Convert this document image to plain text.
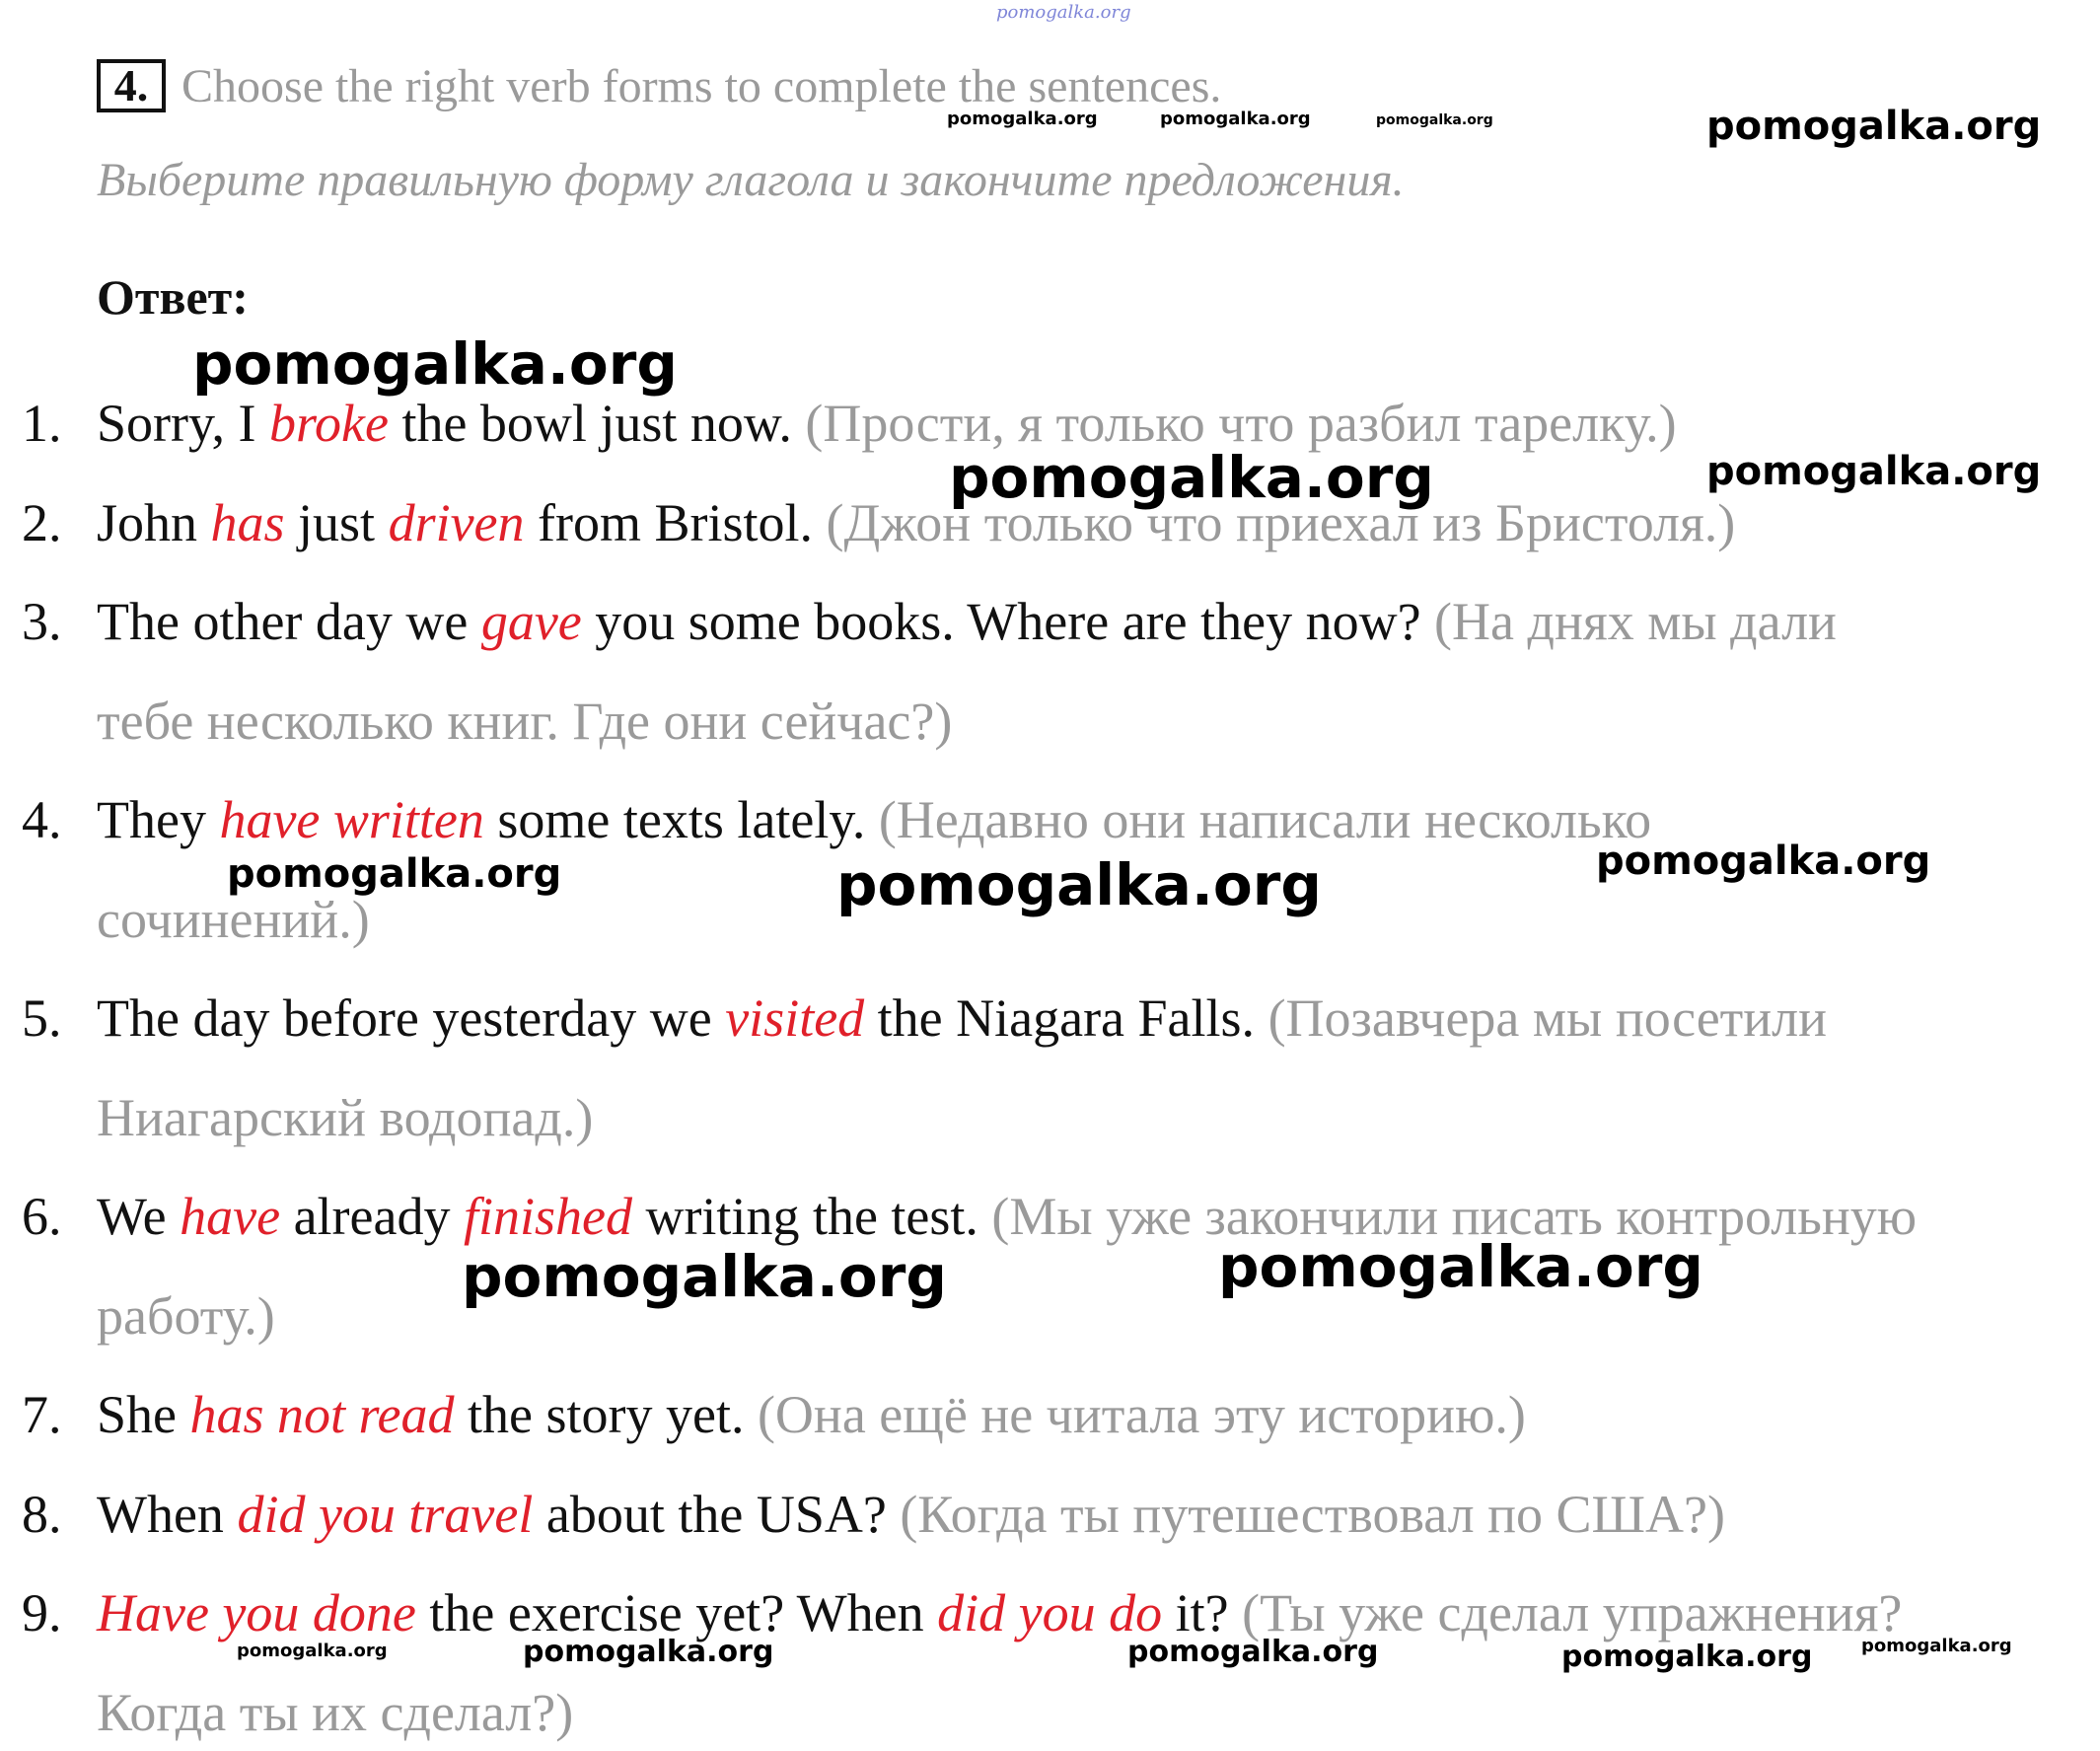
4. Choose the right verb forms to complete the sentences.
Выберите правильную форму глагола и закончите предложения.
Ответ:
1. Sorry, I broke the bowl just now. (Прости, я только что разбил тарелку.)
2. John has just driven from Bristol. (Джон только что приехал из Бристоля.)
3. The other day we gave you some books. Where are they now? (На днях мы дали
тебе несколько книг. Где они сейчас?)
4. They have written some texts lately. (Недавно они написали несколько
сочинений.)
5. The day before yesterday we visited the Niagara Falls. (Позавчера мы посетили
Ниагарский водопад.)
6. We have already finished writing the test. (Мы уже закончили писать контрольную
работу.)
7. She has not read the story yet. (Она ещё не читала эту историю.)
8. When did you travel about the USA? (Когда ты путешествовал по США?)
9. Have you done the exercise yet? When did you do it? (Ты уже сделал упражнения?
Когда ты их сделал?)
pomogalka.org
pomogalka.org	pomogalka.org	pomogalka.org	pomogalka.org
pomogalka.org
pomogalka.org	pomogalka.org
pomogalka.org	pomogalka.org	pomogalka.org
pomogalka.org	pomogalka.org
pomogalka.org	pomogalka.org	pomogalka.org	pomogalka.org	pomogalka.org
